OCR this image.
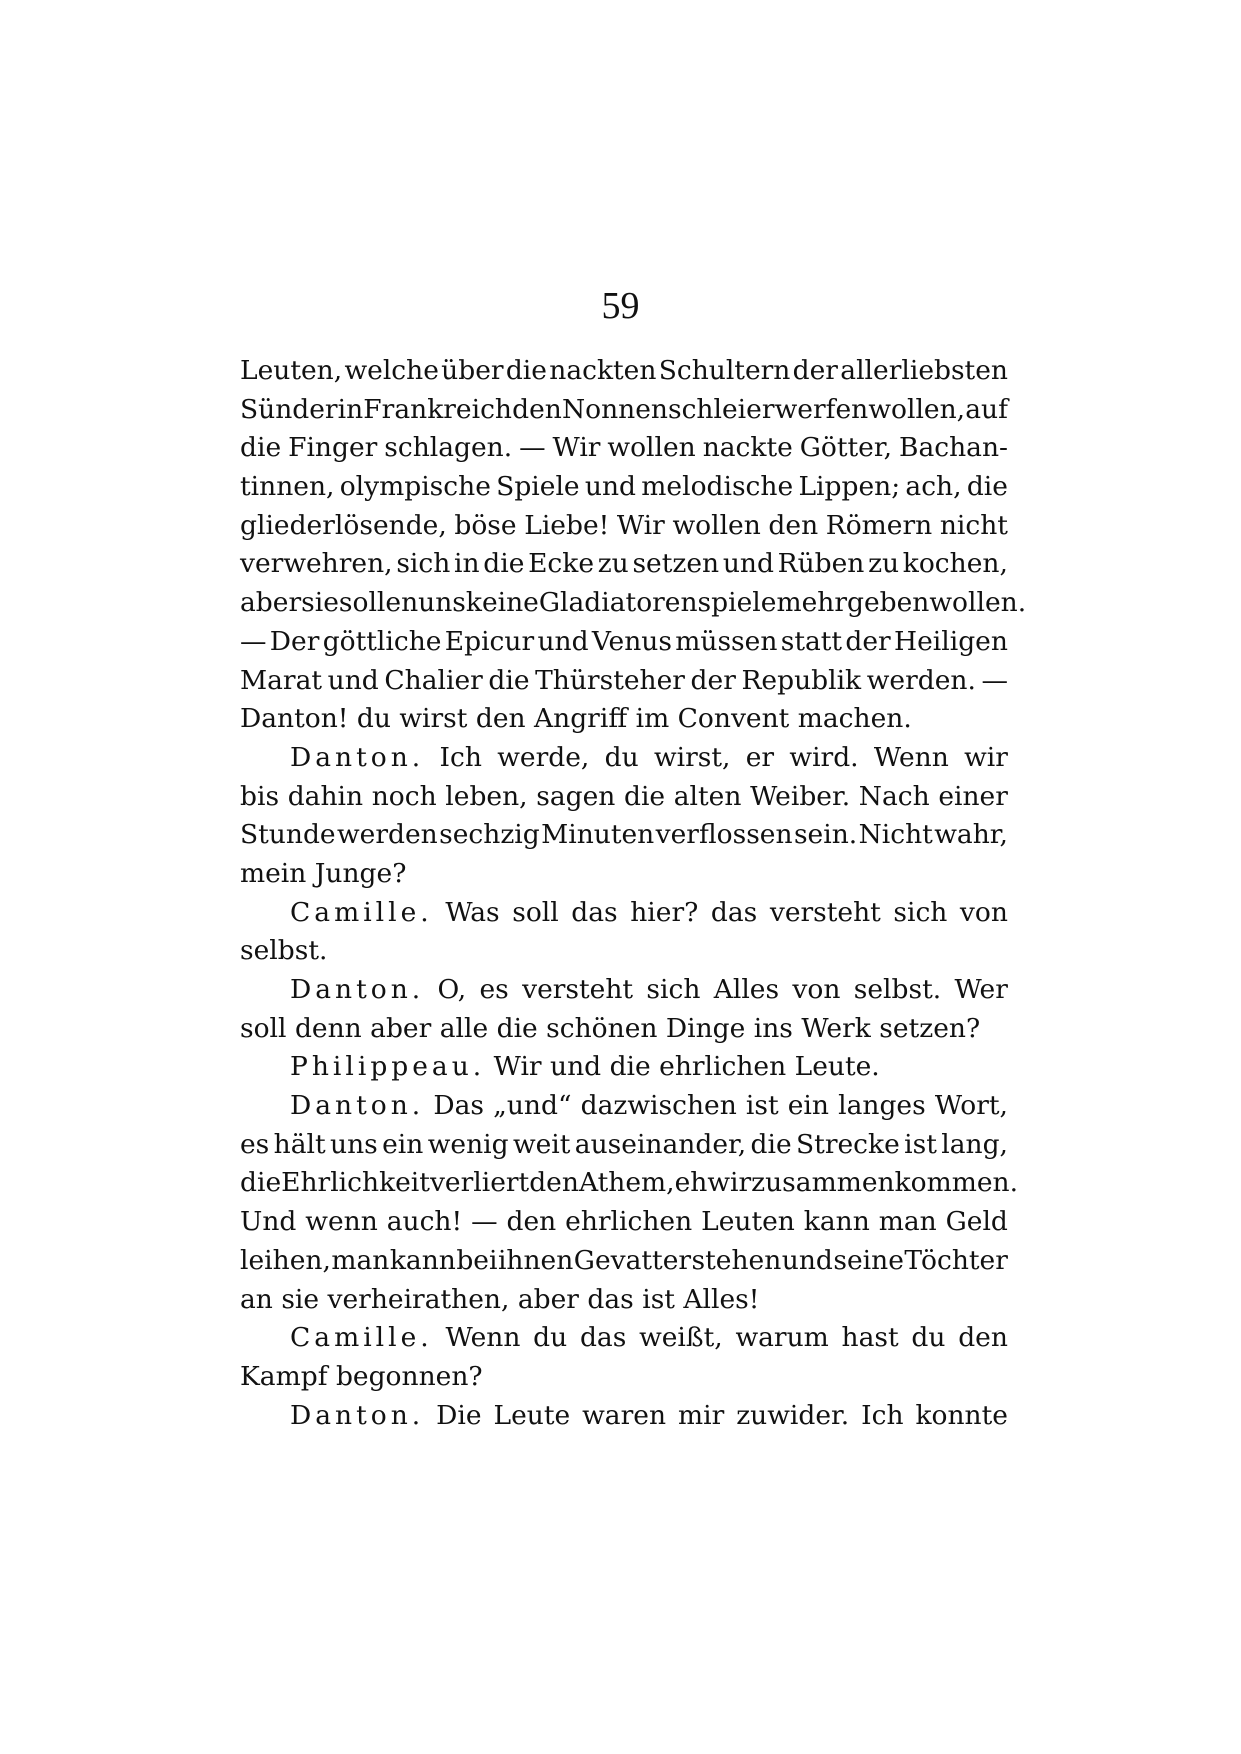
59
Leuten, welche über die nackten Schultern der allerliebsten
Sünderin Frankreich den Nonnenschleier werfen wollen, auf
die Finger schlagen. — Wir wollen nackte Götter, Bachan-
tinnen, olympische Spiele und melodische Lippen; ach, die
gliederlösende, böse Liebe! Wir wollen den Römern nicht
verwehren, sich in die Ecke zu setzen und Rüben zu kochen,
aber sie sollen uns keine Gladiatorenspiele mehr geben wollen.
— Der göttliche Epicur und Venus müssen statt der Heiligen
Marat und Chalier die Thürsteher der Republik werden. —
Danton! du wirst den Angriff im Convent machen.
Danton. Ich werde, du wirst, er wird. Wenn wir
bis dahin noch leben, sagen die alten Weiber. Nach einer
Stunde werden sechzig Minuten verflossen sein. Nicht wahr,
mein Junge?
Camille. Was soll das hier? das versteht sich von
selbst.
Danton. O, es versteht sich Alles von selbst. Wer
soll denn aber alle die schönen Dinge ins Werk setzen?
Philippeau. Wir und die ehrlichen Leute.
Danton. Das „und“ dazwischen ist ein langes Wort,
es hält uns ein wenig weit auseinander, die Strecke ist lang,
die Ehrlichkeit verliert den Athem, eh wir zusammen kommen.
Und wenn auch! — den ehrlichen Leuten kann man Geld
leihen, man kann bei ihnen Gevatter stehen und seine Töchter
an sie verheirathen, aber das ist Alles!
Camille. Wenn du das weißt, warum hast du den
Kampf begonnen?
Danton. Die Leute waren mir zuwider. Ich konnte
